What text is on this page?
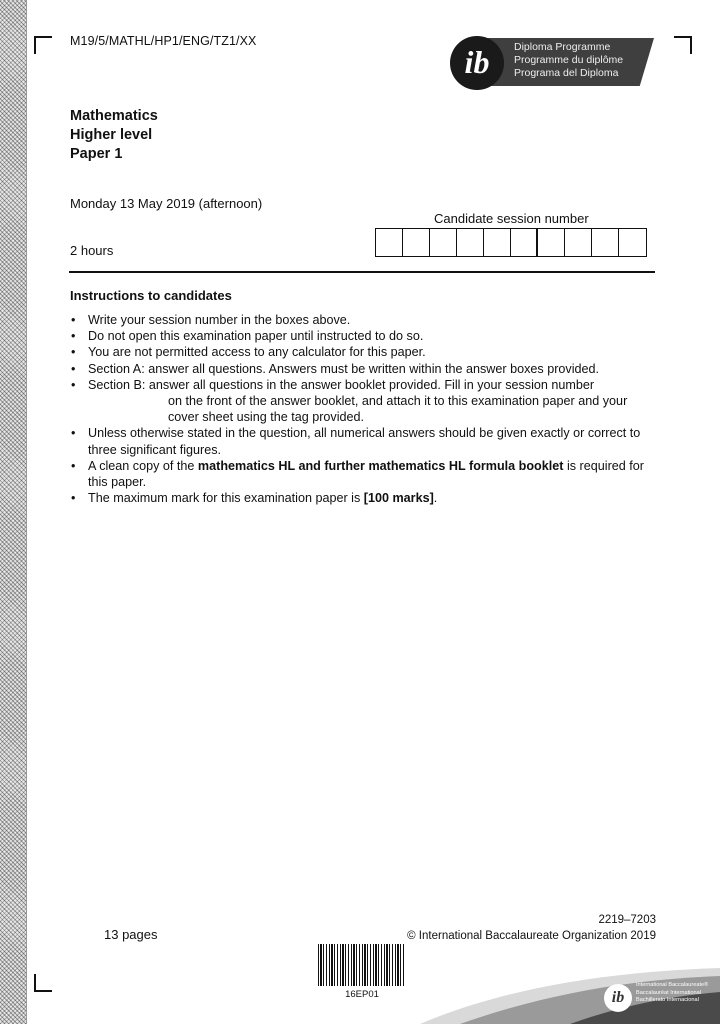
M19/5/MATHL/HP1/ENG/TZ1/XX
ib	Diploma Programme
Programme du diplôme
Programa del Diploma
Mathematics
Higher level
Paper 1
Monday 13 May 2019 (afternoon)
2 hours
Candidate session number
Instructions to candidates
• Write your session number in the boxes above.
• Do not open this examination paper until instructed to do so.
• You are not permitted access to any calculator for this paper.
• Section A: answer all questions. Answers must be written within the answer boxes provided.
• Section B: answer all questions in the answer booklet provided. Fill in your session number
on the front of the answer booklet, and attach it to this examination paper and your
cover sheet using the tag provided.
• Unless otherwise stated in the question, all numerical answers should be given exactly or correct to three significant figures.
• A clean copy of the mathematics HL and further mathematics HL formula booklet is required for this paper.
• The maximum mark for this examination paper is [100 marks].
13 pages
2219–7203
© International Baccalaureate Organization 2019
16EP01	ib
International Baccalaureate®
Baccalauréat International
Bachillerato Internacional
